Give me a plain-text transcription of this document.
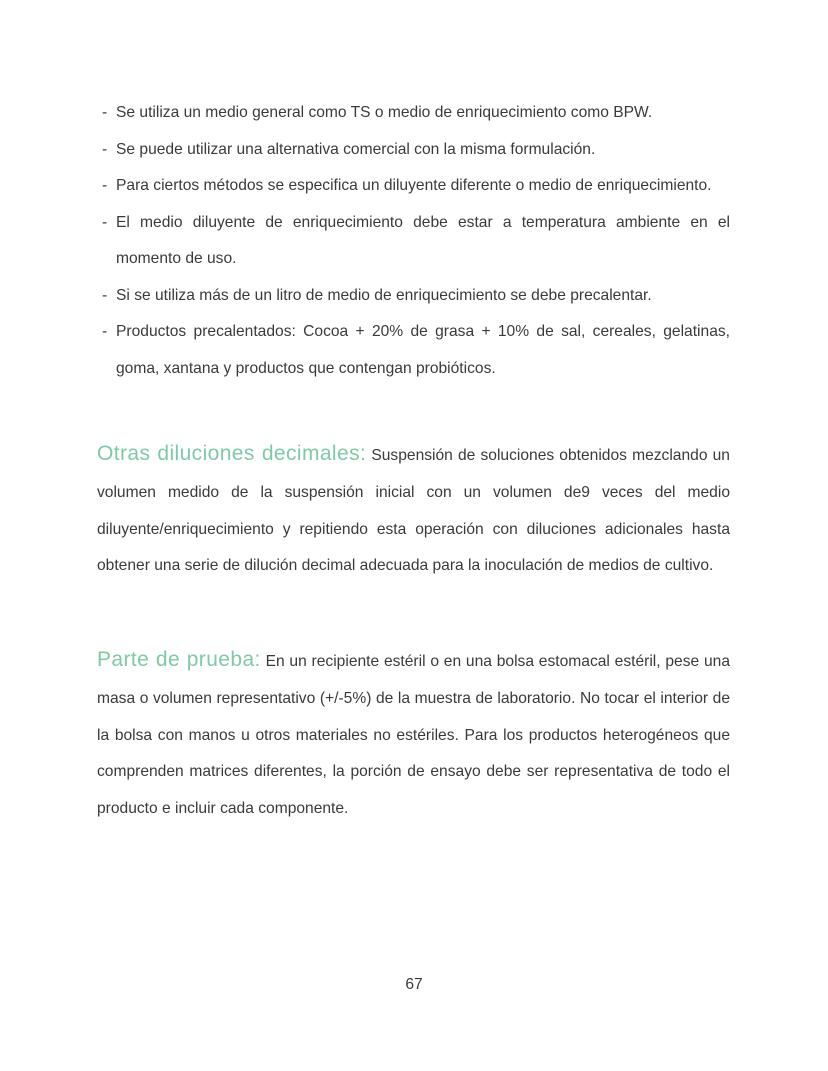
- Se utiliza un medio general como TS o medio de enriquecimiento como BPW.
- Se puede utilizar una alternativa comercial con la misma formulación.
- Para ciertos métodos se especifica un diluyente diferente o medio de enriquecimiento.
- El medio diluyente de enriquecimiento debe estar a temperatura ambiente en el momento de uso.
- Si se utiliza más de un litro de medio de enriquecimiento se debe precalentar.
- Productos precalentados: Cocoa + 20% de grasa + 10% de sal, cereales, gelatinas, goma, xantana y productos que contengan probióticos.

Otras diluciones decimales: Suspensión de soluciones obtenidos mezclando un volumen medido de la suspensión inicial con un volumen de9 veces del medio diluyente/enriquecimiento y repitiendo esta operación con diluciones adicionales hasta obtener una serie de dilución decimal adecuada para la inoculación de medios de cultivo.

Parte de prueba: En un recipiente estéril o en una bolsa estomacal estéril, pese una masa o volumen representativo (+/-5%) de la muestra de laboratorio. No tocar el interior de la bolsa con manos u otros materiales no estériles. Para los productos heterogéneos que comprenden matrices diferentes, la porción de ensayo debe ser representativa de todo el producto e incluir cada componente.

67
